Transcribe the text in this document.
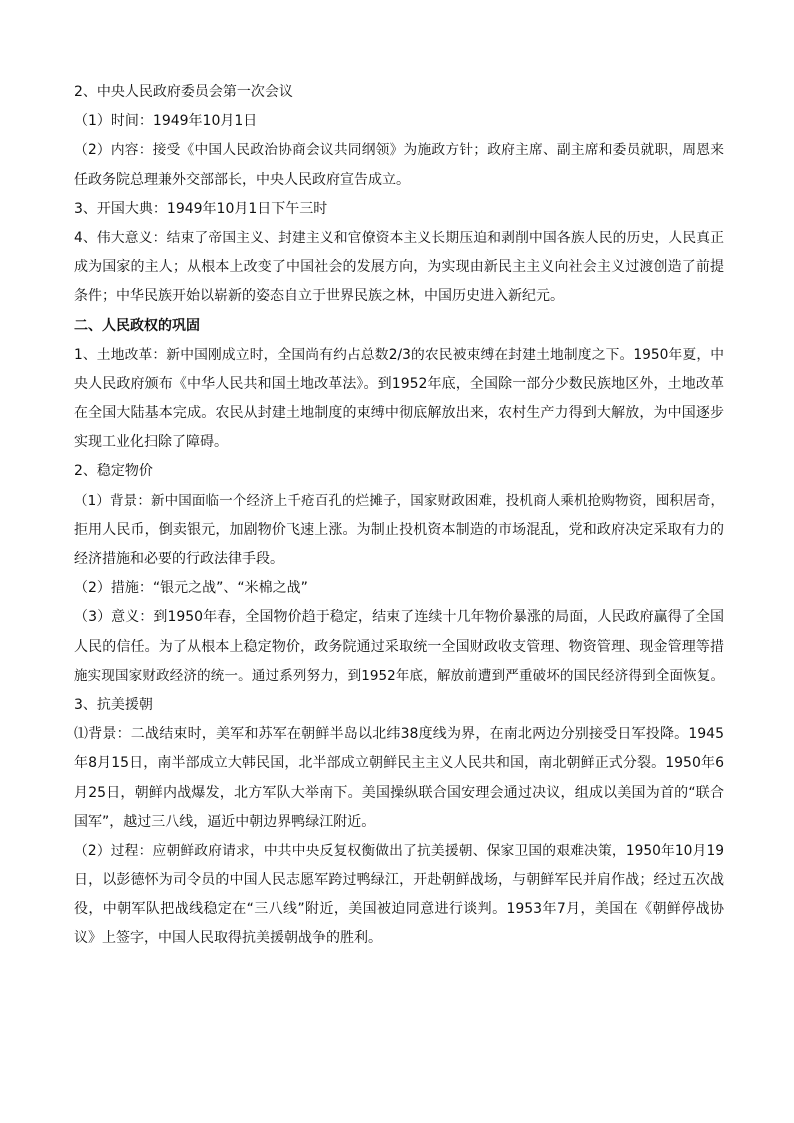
2、中央人民政府委员会第一次会议
（1）时间：1949年10月1日
（2）内容：接受《中国人民政治协商会议共同纲领》为施政方针；政府主席、副主席和委员就职，周恩来
任政务院总理兼外交部部长，中央人民政府宣告成立。
3、开国大典：1949年10月1日下午三时
4、伟大意义：结束了帝国主义、封建主义和官僚资本主义长期压迫和剥削中国各族人民的历史，人民真正
成为国家的主人；从根本上改变了中国社会的发展方向，为实现由新民主主义向社会主义过渡创造了前提
条件；中华民族开始以崭新的姿态自立于世界民族之林，中国历史进入新纪元。
二、人民政权的巩固
1、土地改革：新中国刚成立时，全国尚有约占总数2/3的农民被束缚在封建土地制度之下。1950年夏，中
央人民政府颁布《中华人民共和国土地改革法》。到1952年底，全国除一部分少数民族地区外，土地改革
在全国大陆基本完成。农民从封建土地制度的束缚中彻底解放出来，农村生产力得到大解放，为中国逐步
实现工业化扫除了障碍。
2、稳定物价
（1）背景：新中国面临一个经济上千疮百孔的烂摊子，国家财政困难，投机商人乘机抢购物资，囤积居奇，
拒用人民币，倒卖银元，加剧物价飞速上涨。为制止投机资本制造的市场混乱，党和政府决定采取有力的
经济措施和必要的行政法律手段。
（2）措施：“银元之战”、“米棉之战”
（3）意义：到1950年春，全国物价趋于稳定，结束了连续十几年物价暴涨的局面，人民政府赢得了全国
人民的信任。为了从根本上稳定物价，政务院通过采取统一全国财政收支管理、物资管理、现金管理等措
施实现国家财政经济的统一。通过系列努力，到1952年底，解放前遭到严重破坏的国民经济得到全面恢复。
3、抗美援朝
⑴背景：二战结束时，美军和苏军在朝鲜半岛以北纬38度线为界，在南北两边分别接受日军投降。1945
年8月15日，南半部成立大韩民国，北半部成立朝鲜民主主义人民共和国，南北朝鲜正式分裂。1950年6
月25日，朝鲜内战爆发，北方军队大举南下。美国操纵联合国安理会通过决议，组成以美国为首的“联合
国军”，越过三八线，逼近中朝边界鸭绿江附近。
（2）过程：应朝鲜政府请求，中共中央反复权衡做出了抗美援朝、保家卫国的艰难决策，1950年10月19
日，以彭德怀为司令员的中国人民志愿军跨过鸭绿江，开赴朝鲜战场，与朝鲜军民并肩作战；经过五次战
役，中朝军队把战线稳定在“三八线”附近，美国被迫同意进行谈判。1953年7月，美国在《朝鲜停战协
议》上签字，中国人民取得抗美援朝战争的胜利。
